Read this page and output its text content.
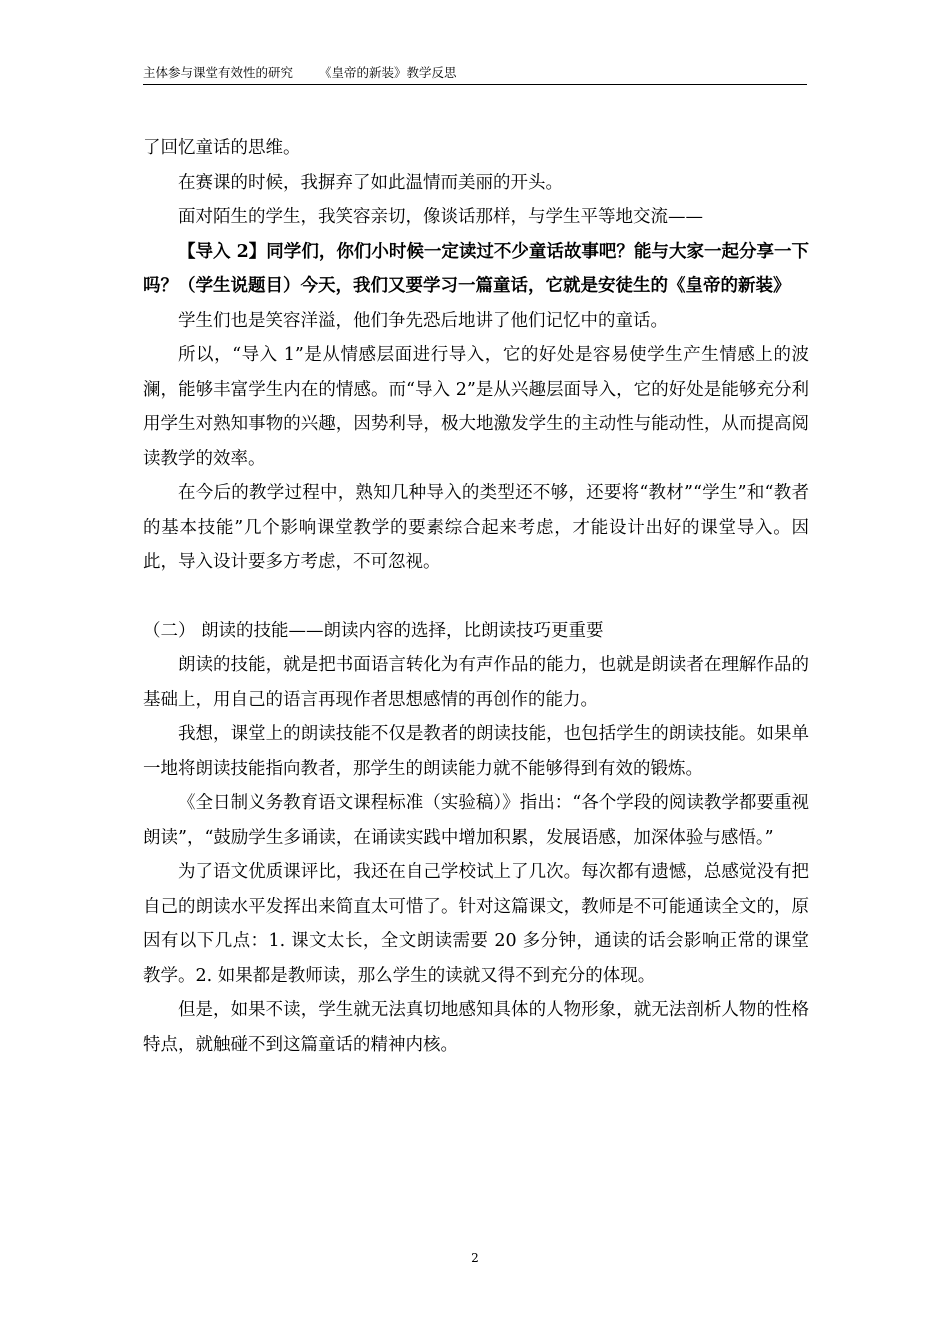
主体参与课堂有效性的研究 《皇帝的新装》教学反思

了回忆童话的思维。

在赛课的时候，我摒弃了如此温情而美丽的开头。

面对陌生的学生，我笑容亲切，像谈话那样，与学生平等地交流——

【导入 2】同学们，你们小时候一定读过不少童话故事吧？能与大家一起分享一下吗？（学生说题目）今天，我们又要学习一篇童话，它就是安徒生的《皇帝的新装》

学生们也是笑容洋溢，他们争先恐后地讲了他们记忆中的童话。

所以，“导入 1”是从情感层面进行导入，它的好处是容易使学生产生情感上的波澜，能够丰富学生内在的情感。而“导入 2”是从兴趣层面导入，它的好处是能够充分利用学生对熟知事物的兴趣，因势利导，极大地激发学生的主动性与能动性，从而提高阅读教学的效率。

在今后的教学过程中，熟知几种导入的类型还不够，还要将“教材”“学生”和“教者的基本技能”几个影响课堂教学的要素综合起来考虑，才能设计出好的课堂导入。因此，导入设计要多方考虑，不可忽视。

（二） 朗读的技能——朗读内容的选择，比朗读技巧更重要

朗读的技能，就是把书面语言转化为有声作品的能力，也就是朗读者在理解作品的基础上，用自己的语言再现作者思想感情的再创作的能力。

我想，课堂上的朗读技能不仅是教者的朗读技能，也包括学生的朗读技能。如果单一地将朗读技能指向教者，那学生的朗读能力就不能够得到有效的锻炼。

《全日制义务教育语文课程标准（实验稿）》指出：“各个学段的阅读教学都要重视朗读”，“鼓励学生多诵读，在诵读实践中增加积累，发展语感，加深体验与感悟。”

为了语文优质课评比，我还在自己学校试上了几次。每次都有遗憾，总感觉没有把自己的朗读水平发挥出来简直太可惜了。针对这篇课文，教师是不可能通读全文的，原因有以下几点：1. 课文太长，全文朗读需要 20 多分钟，通读的话会影响正常的课堂教学。2. 如果都是教师读，那么学生的读就又得不到充分的体现。

但是，如果不读，学生就无法真切地感知具体的人物形象，就无法剖析人物的性格特点，就触碰不到这篇童话的精神内核。

2
